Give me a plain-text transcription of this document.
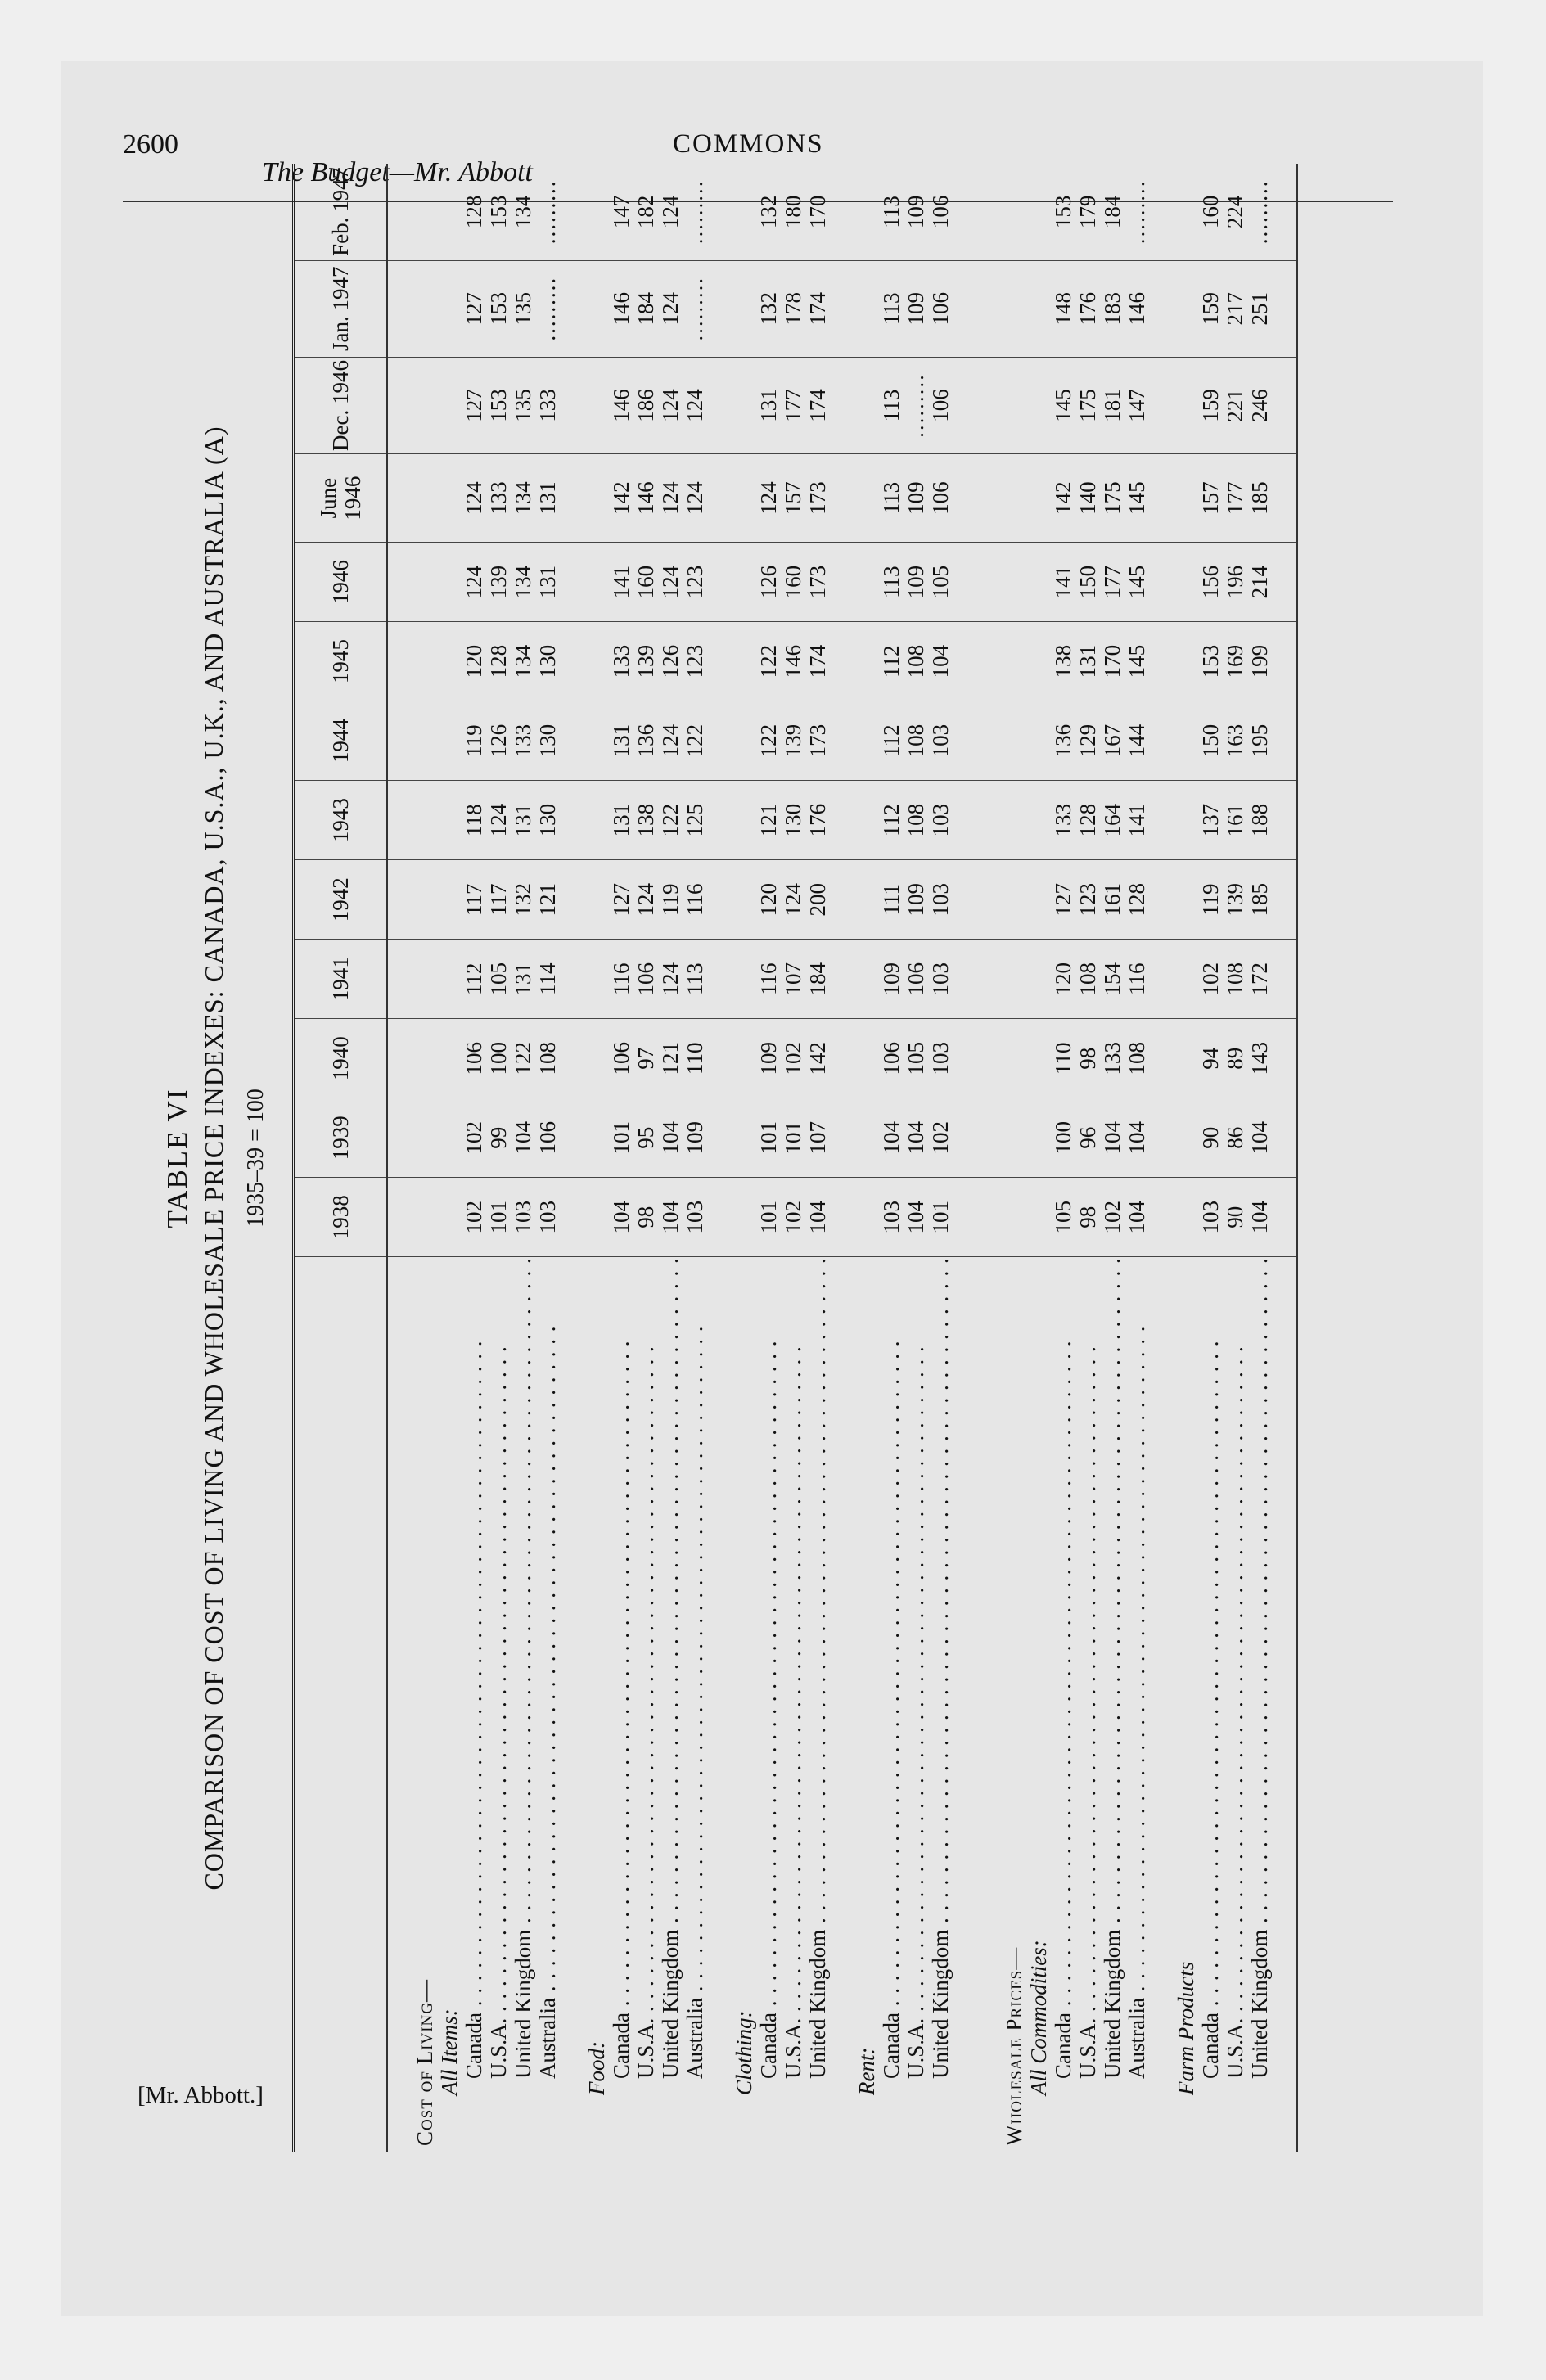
2600	COMMONS
The Budget—Mr. Abbott
TABLE VI COMPARISON OF COST OF LIVING AND WHOLESALE PRICE INDEXES: CANADA, U.S.A., U.K., AND AUSTRALIA (A) 1935–39 = 100
		1938	1939	1940	1941	1942	1943	1944	1945	1946	June 1946	Dec. 1946	Jan. 1947	Feb. 1947

Cost of Living—													
All Items:													
Canada . . .	102	102	106	112	117	118	119	120	124	124	127	127	128
U.S.A. . . .	101	99	100	105	117	124	126	128	139	133	153	153	153
United Kingdom . . .	103	104	122	131	132	131	133	134	134	134	135	135	134
Australia . . .	103	106	108	114	121	130	130	130	131	131	133	.........	.........

Food:													
Canada . . .	104	101	106	116	127	131	131	133	141	142	146	146	147
U.S.A. . . .	98	95	97	106	124	138	136	139	160	146	186	184	182
United Kingdom . . .	104	104	121	124	119	122	124	126	124	124	124	124	124
Australia . . .	103	109	110	113	116	125	122	123	123	124	124	.........	.........

Clothing:													
Canada . . .	101	101	109	116	120	121	122	122	126	124	131	132	132
U.S.A. . . .	102	101	102	107	124	130	139	146	160	157	177	178	180
United Kingdom . . .	104	107	142	184	200	176	173	174	173	173	174	174	170

Rent:													
Canada . . .	103	104	106	109	111	112	112	112	113	113	113	113	113
U.S.A. . . .	104	104	105	106	109	108	108	108	109	109	.........	109	109
United Kingdom . . .	101	102	103	103	103	103	103	104	105	106	106	106	106

Wholesale Prices—													
All Commodities:													
Canada . . .	105	100	110	120	127	133	136	138	141	142	145	148	153
U.S.A. . . .	98	96	98	108	123	128	129	131	150	140	175	176	179
United Kingdom . . .	102	104	133	154	161	164	167	170	177	175	181	183	184
Australia . . .	104	104	108	116	128	141	144	145	145	145	147	146	.........

Farm Products													
Canada . . .	103	90	94	102	119	137	150	153	156	157	159	159	160
U.S.A. . . .	90	86	89	108	139	161	163	169	196	177	221	217	224
United Kingdom . . .	104	104	143	172	185	188	195	199	214	185	246	251	.........

[Mr. Abbott.]
